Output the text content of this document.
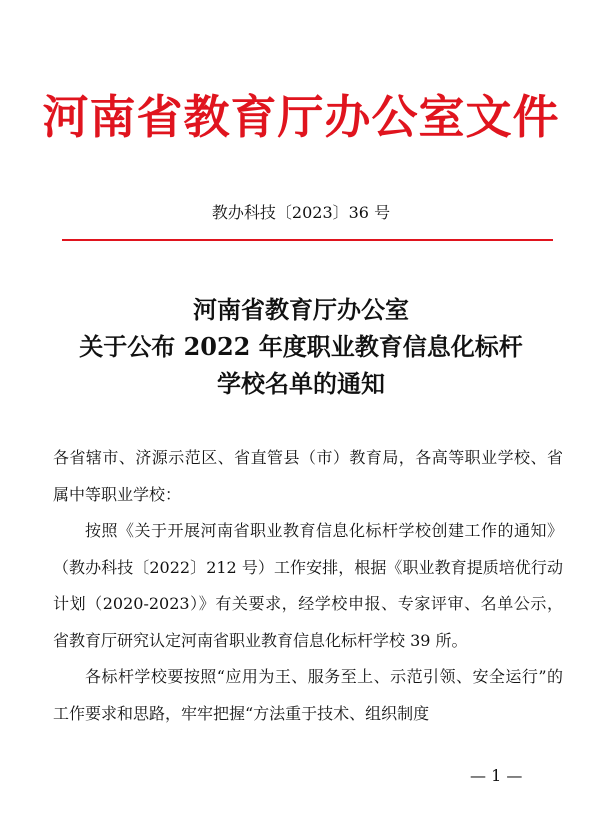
河南省教育厅办公室文件
教办科技〔2023〕36 号
河南省教育厅办公室
关于公布 2022 年度职业教育信息化标杆
学校名单的通知

各省辖市、济源示范区、省直管县（市）教育局，各高等职业学校、省属中等职业学校：

按照《关于开展河南省职业教育信息化标杆学校创建工作的通知》（教办科技〔2022〕212 号）工作安排，根据《职业教育提质培优行动计划（2020-2023）》有关要求，经学校申报、专家评审、名单公示，省教育厅研究认定河南省职业教育信息化标杆学校 39 所。

各标杆学校要按照“应用为王、服务至上、示范引领、安全运行”的工作要求和思路，牢牢把握“方法重于技术、组织制度

— 1 —
